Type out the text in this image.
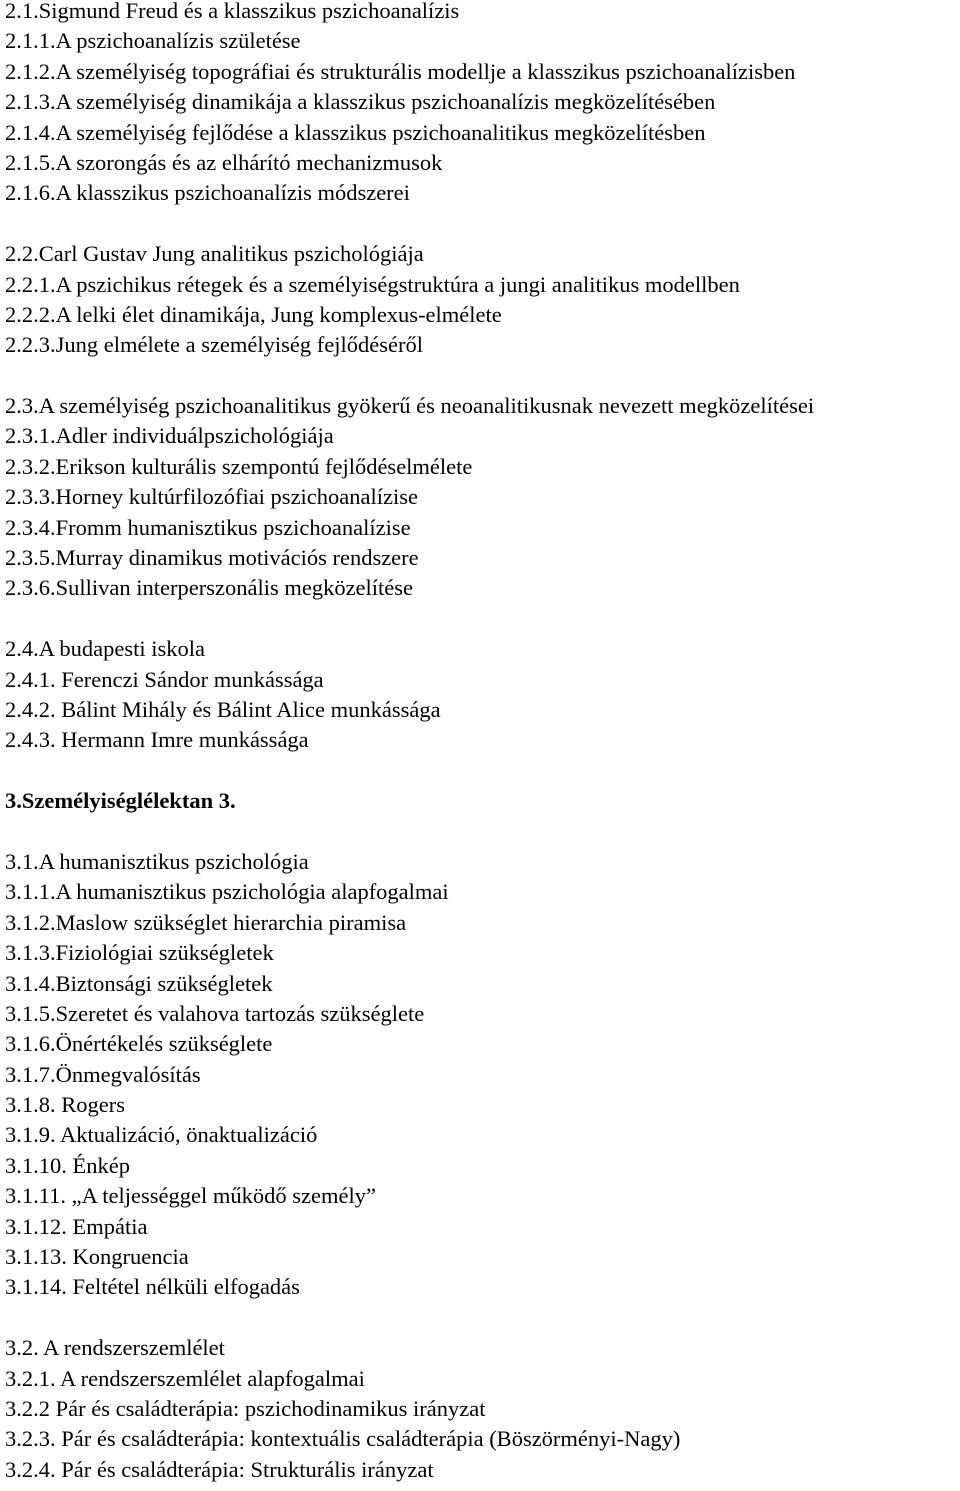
2.1.Sigmund Freud és a klasszikus pszichoanalízis
2.1.1.A pszichoanalízis születése
2.1.2.A személyiség topográfiai és strukturális modellje a klasszikus pszichoanalízisben
2.1.3.A személyiség dinamikája a klasszikus pszichoanalízis megközelítésében
2.1.4.A személyiség fejlődése a klasszikus pszichoanalitikus megközelítésben
2.1.5.A szorongás és az elhárító mechanizmusok
2.1.6.A klasszikus pszichoanalízis módszerei
2.2.Carl Gustav Jung analitikus pszichológiája
2.2.1.A pszichikus rétegek és a személyiségstruktúra a jungi analitikus modellben
2.2.2.A lelki élet dinamikája, Jung komplexus-elmélete
2.2.3.Jung elmélete a személyiség fejlődéséről
2.3.A személyiség pszichoanalitikus gyökerű és neoanalitikusnak nevezett megközelítései
2.3.1.Adler individuálpszichológiája
2.3.2.Erikson kulturális szempontú fejlődéselmélete
2.3.3.Horney kultúrfilozófiai pszichoanalízise
2.3.4.Fromm humanisztikus pszichoanalízise
2.3.5.Murray dinamikus motivációs rendszere
2.3.6.Sullivan interperszonális megközelítése
2.4.A budapesti iskola
2.4.1. Ferenczi Sándor munkássága
2.4.2. Bálint Mihály és Bálint Alice munkássága
2.4.3. Hermann Imre munkássága
3.Személyiséglélektan 3.
3.1.A humanisztikus pszichológia
3.1.1.A humanisztikus pszichológia alapfogalmai
3.1.2.Maslow szükséglet hierarchia piramisa
3.1.3.Fiziológiai szükségletek
3.1.4.Biztonsági szükségletek
3.1.5.Szeretet és valahova tartozás szükséglete
3.1.6.Önértékelés szükséglete
3.1.7.Önmegvalósítás
3.1.8. Rogers
3.1.9. Aktualizáció, önaktualizáció
3.1.10. Énkép
3.1.11. „A teljességgel működő személy”
3.1.12. Empátia
3.1.13. Kongruencia
3.1.14. Feltétel nélküli elfogadás
3.2. A rendszerszemlélet
3.2.1. A rendszerszemlélet alapfogalmai
3.2.2 Pár és családterápia: pszichodinamikus irányzat
3.2.3. Pár és családterápia: kontextuális családterápia (Böszörményi-Nagy)
3.2.4. Pár és családterápia: Strukturális irányzat
